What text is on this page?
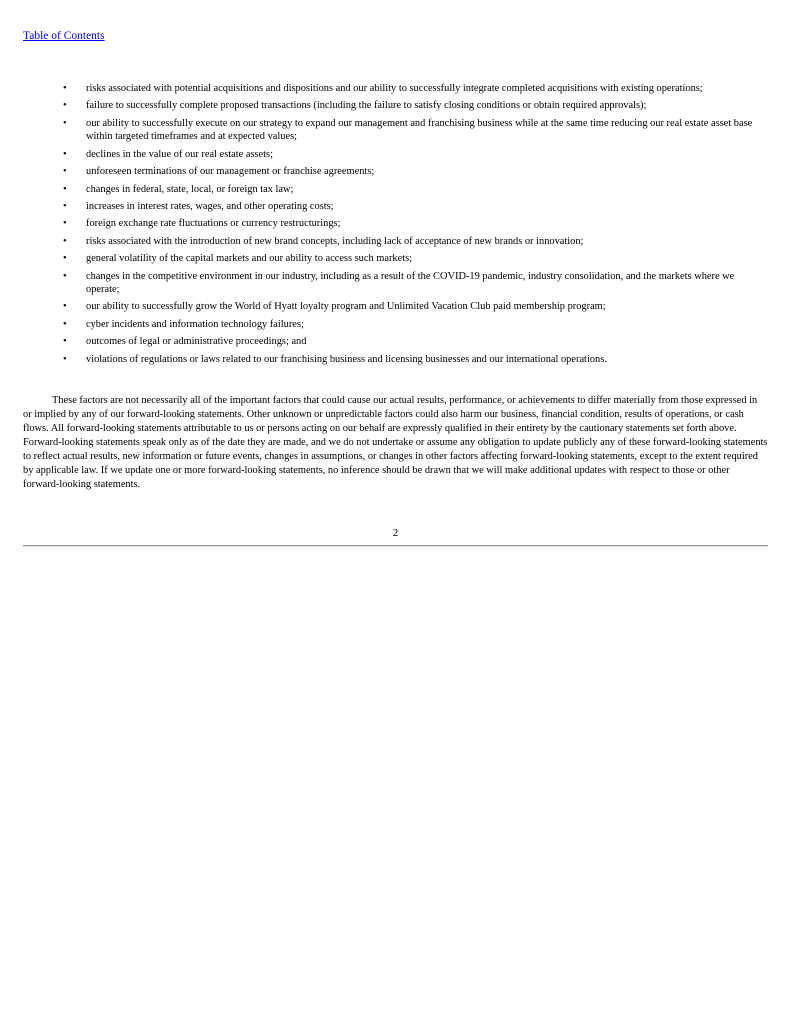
Table of Contents
• risks associated with potential acquisitions and dispositions and our ability to successfully integrate completed acquisitions with existing operations;
• failure to successfully complete proposed transactions (including the failure to satisfy closing conditions or obtain required approvals);
• our ability to successfully execute on our strategy to expand our management and franchising business while at the same time reducing our real estate asset base within targeted timeframes and at expected values;
• declines in the value of our real estate assets;
• unforeseen terminations of our management or franchise agreements;
• changes in federal, state, local, or foreign tax law;
• increases in interest rates, wages, and other operating costs;
• foreign exchange rate fluctuations or currency restructurings;
• risks associated with the introduction of new brand concepts, including lack of acceptance of new brands or innovation;
• general volatility of the capital markets and our ability to access such markets;
• changes in the competitive environment in our industry, including as a result of the COVID-19 pandemic, industry consolidation, and the markets where we operate;
• our ability to successfully grow the World of Hyatt loyalty program and Unlimited Vacation Club paid membership program;
• cyber incidents and information technology failures;
• outcomes of legal or administrative proceedings; and
• violations of regulations or laws related to our franchising business and licensing businesses and our international operations.

These factors are not necessarily all of the important factors that could cause our actual results, performance, or achievements to differ materially from those expressed in or implied by any of our forward-looking statements. Other unknown or unpredictable factors could also harm our business, financial condition, results of operations, or cash flows. All forward-looking statements attributable to us or persons acting on our behalf are expressly qualified in their entirety by the cautionary statements set forth above. Forward-looking statements speak only as of the date they are made, and we do not undertake or assume any obligation to update publicly any of these forward-looking statements to reflect actual results, new information or future events, changes in assumptions, or changes in other factors affecting forward-looking statements, except to the extent required by applicable law. If we update one or more forward-looking statements, no inference should be drawn that we will make additional updates with respect to those or other forward-looking statements.

2
